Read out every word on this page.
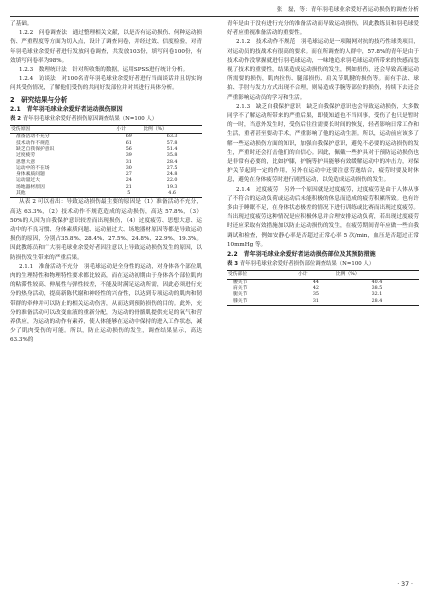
张　磊，等：青年羽毛球业余爱好者运动损伤的调查分析

了基础。

1.2.2　问卷调查法　通过整理相关文献，以是否有运动损伤、何种运动损伤、严重程度等方面为切入点，设计了调查问卷，并经过效、信度检验，对青年羽毛球业余爱好者进行发放问卷调查，共发放103份，填写问卷100份，有效填写问卷率为98%。

1.2.3　数理统计法　针对所收集的数据，运用SPSS进行统计分析。

1.2.4　访谈法　对100名青年羽毛球业余爱好者进行当面谈话并且切实询问其受伤情况，了解他们受伤的共同好发部位并对其进行具体分析。

2　研究结果与分析
2.1　青年羽毛球业余爱好者运动损伤原因
表 2 青年羽毛球业余爱好者损伤原因调查结果（N=100 人）
受伤原因	小计	比例（%）
准备活动不充分	69	63.3
技术动作不规范	61	57.8
缺乏自我保护意识	56	51.4
过度疲劳	39	35.8
思想大意	31	28.4
运动中的不在场	30	27.5
身体素质问题	27	24.8
运动量过大	24	22.0
场地器材原因	21	19.3
其他	5	4.6

从表 2 可以看出：导致运动损伤最主要的原因是（1）准备活动不充分，高达 63.3%，（2）技术动作不规范造成的运动损伤，高达 57.8%，（3）50%的人因为自我保护意识较差而出现损伤，（4）过度疲劳、思想大意、运动中的不良习惯、身体素质问题、运动量过大、场地器材原因等都是导致运动损伤的原因，分别占35.8%、28.4%、27.5%、24.8%、22.9%、19.3%。因此教练员和广大羽毛球业余爱好者因注意以上导致运动损伤发生的原因，以防损伤发生带来的严重后果。

2.1.1　准备活动不充分　羽毛球运动是全身性的运动，对身体各个部位肌肉的生理特性和物理特性要求都比较高，而在运动初期由于身体各个部位肌肉的粘滞性较高、伸展性与弹性较差，不能及时满足运动所需，因此必须进行充分的热身活动，提高新陈代谢和神经性的兴奋性，以达到专项运动的肌肉和韧带群的牵伸并可以防止的相关运动伤害，从而达到预防损伤的目的。此外，充分的准备活动可以改变血液的重新分配，为运动的骨骼肌提供充足的氧气和营养供应，为运动的动作有素养，使人体能够在运动中保持的进入工作状态，减少了肌肉受伤的可能。所以，防止运动损伤的发生，调查结果显示，高达 63.3%的

青年是由于没有进行充分的准备活动而导致运动损伤，因此教练员和羽毛球爱好者应重视准备活动的重要性。

2.1.2　技术动作不规范　羽毛球运动是一项隔网对抗的技巧性球类项目，对运动员的技战术有很高的要求。而在所调查的人群中，57.8%的青年是由于技术动作没掌握就进行羽毛球运动，一味地追求羽毛球运动所带来的快感而忽视了技术的重要性，结果造成运动损伤的发生，例如扭伤，还会导致高速运动所需要的损伤，肌肉拉伤、腿部损伤、肩关节肌腱的损伤等。而有手法、球拍、手肘与发力方式出现不合理，则易造成手腕等部位的损伤，持续下去还会严重影响运动员的学习和生活。

2.1.3　缺乏自我保护意识　缺乏自我保护意识也会导致运动损伤，大多数同学不了解运动所带来的严重后果，即使知道也不当回事，受伤了也只是暂时的一时，当意外发生时，受伤后往往需要长时间的恢复，轻者影响日常工作和生活，重者甚至要动手术，严重影响了他的运动生涯。所以，运动前应该多了解一些运动损伤方面的知识，加强自我保护意识，避免不必要的运动损伤的发生，严重时还会打击他们的自信心。因此，佩戴一些护具对于预防运动损伤也是非常有必要的，比如护膝，护腕等护具能够有效缓解运动中的冲击力，对保护关节起到一定的作用，另外在运动中还要注意劳逸结合，疲劳时要及时休息，避免在身体疲劳时进行剧烈运动，以免造成运动损伤的发生。

2.1.4　过度疲劳　另外一个原因就是过度疲劳，过度疲劳是由于人体从事了不符合的运动负荷或运动后未能积极的休息而造成的疲劳积累所致。也有许多由于睡眠不足，在身体状态极差的情况下进行训练或比赛而出现过度疲劳。当出现过度疲劳这种情况是应积极休息并合理安排运动负荷，若出现过度疲劳时还应采取有效措施加以防止运动损伤的发生，在疲劳期间青年应做一些自我调试和检查，例如安静心率是否超过正常心率 5 次/min，血压是否超过正常10mmHg 等。

2.2　青年羽毛球业余爱好者运动损伤部位及其预防措施
表 3 青年羽毛球业余爱好者损伤部位调查结果（N=100 人）
受伤部位	小计	比例（%）
腰关节	44	40.4
肩关节	42	38.5
腿关节	35	32.1
膝关节	31	28.4
· 37 ·
